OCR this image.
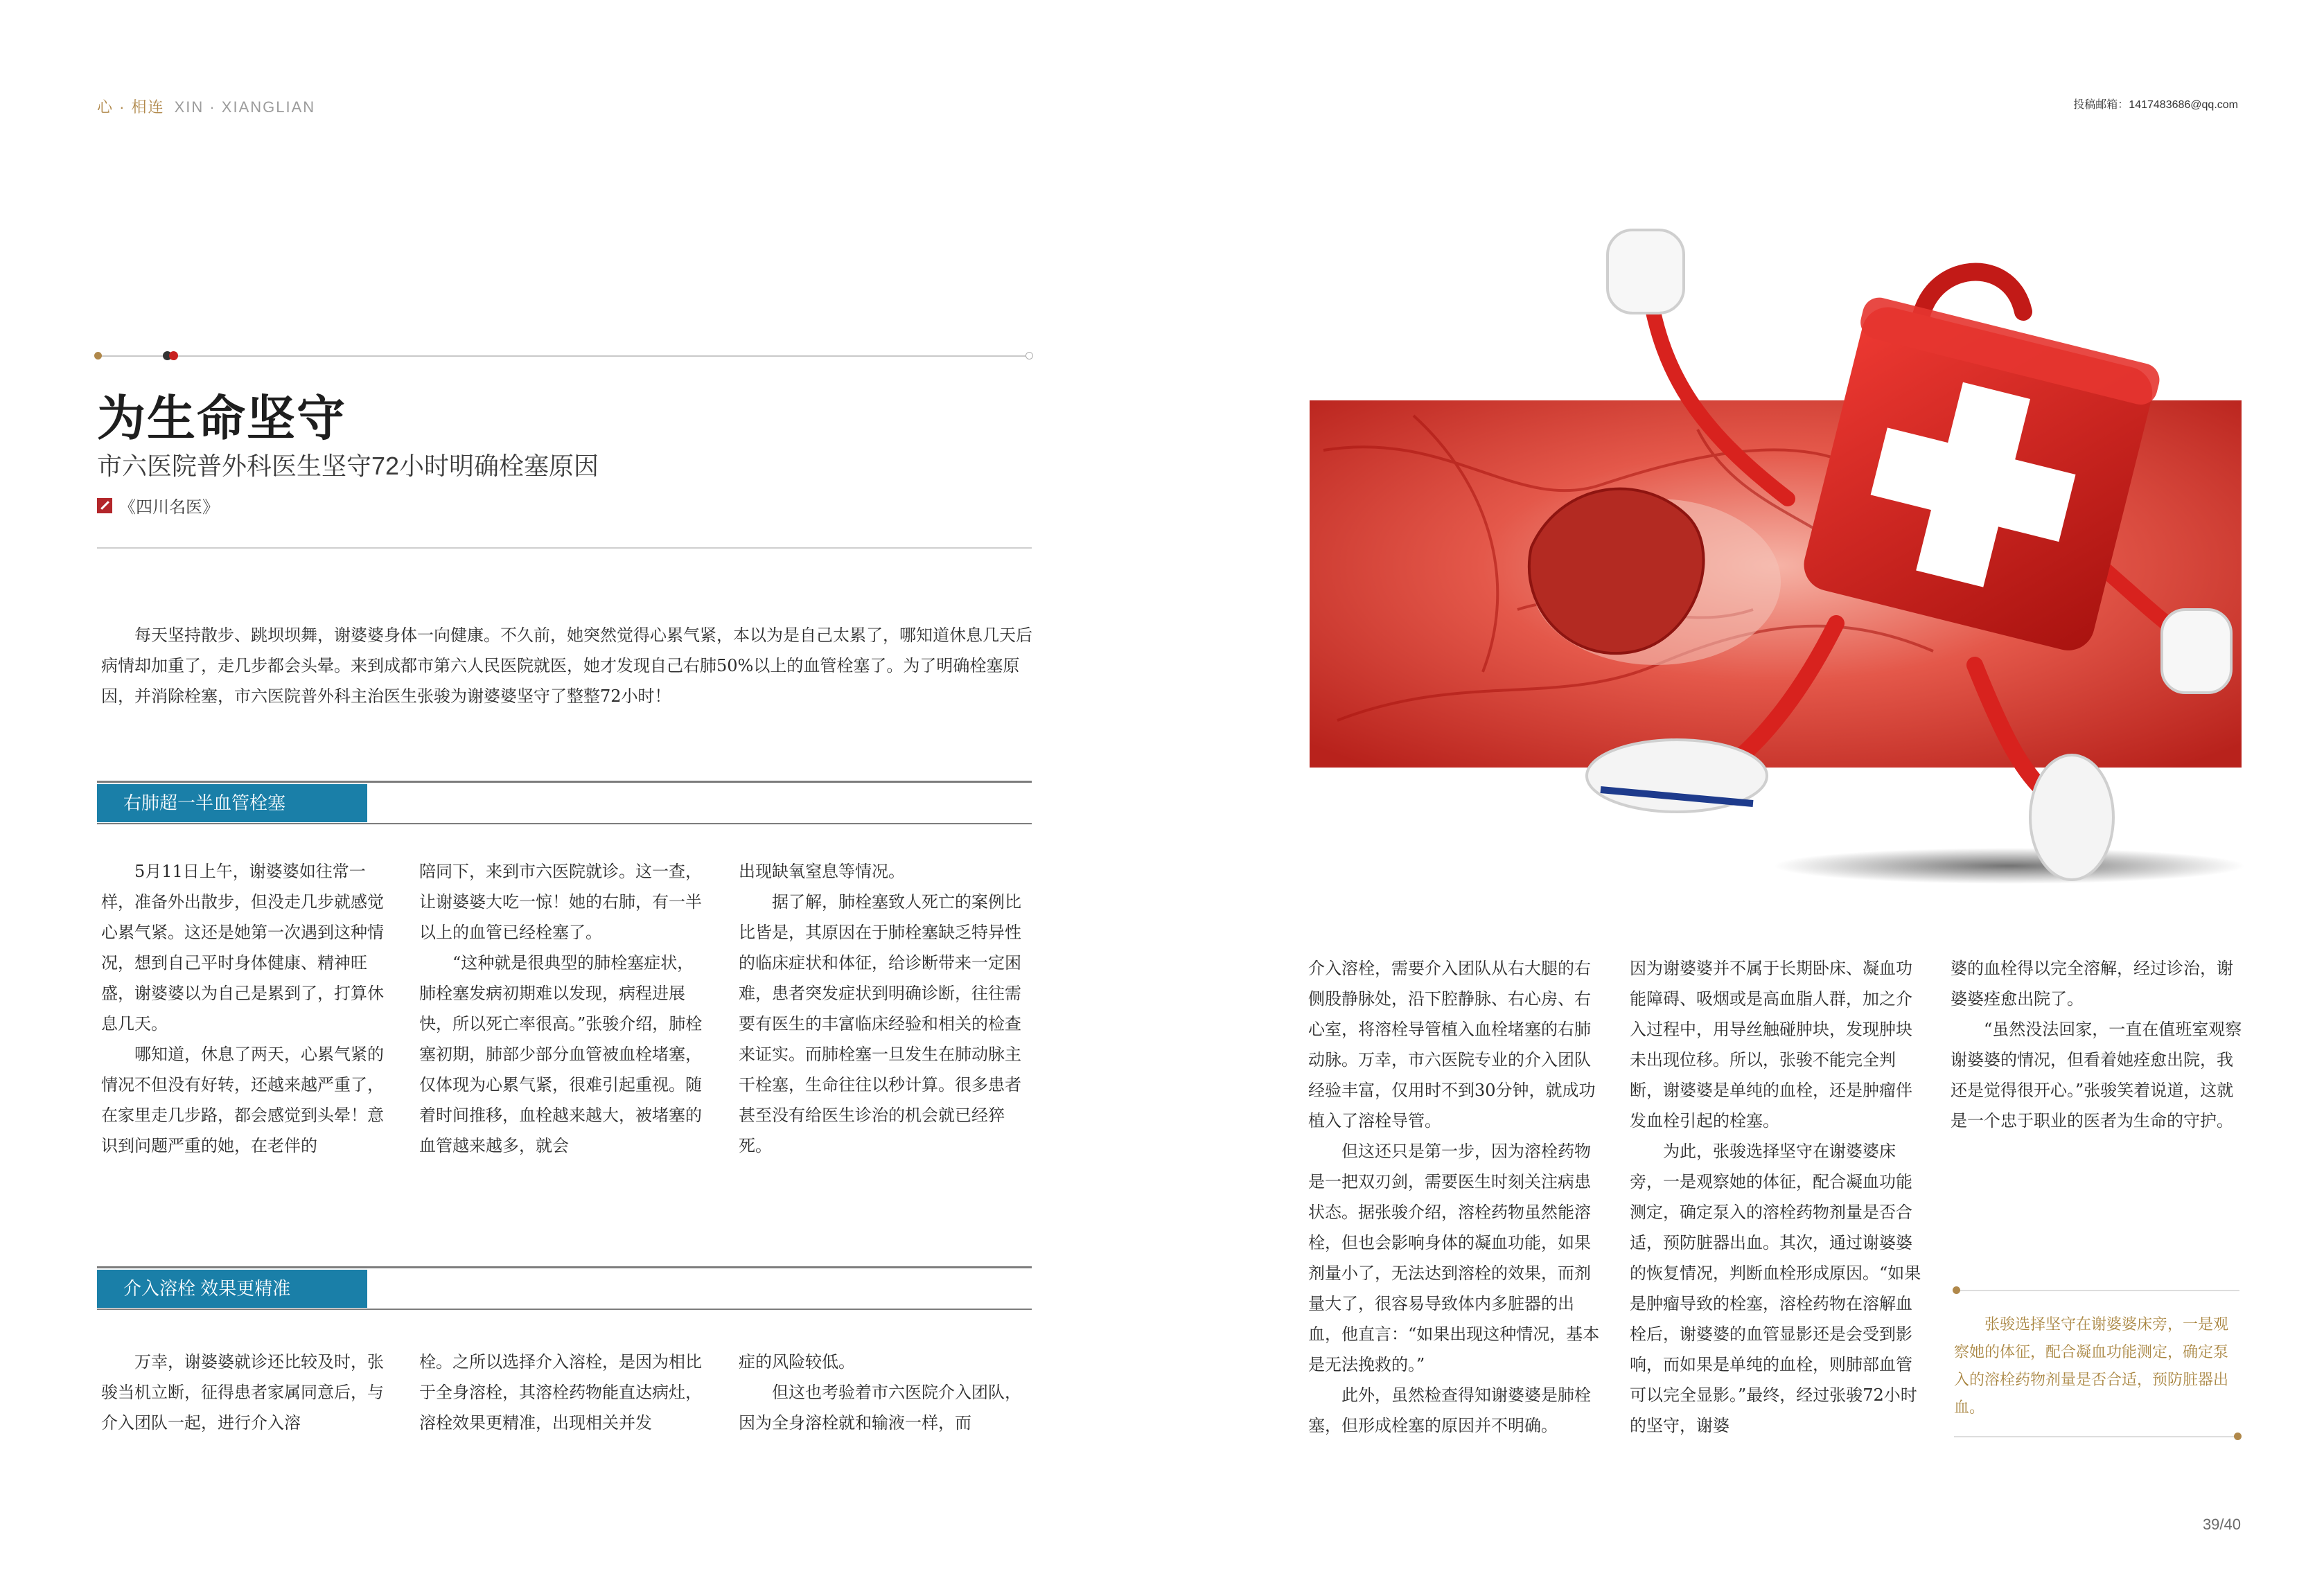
心 · 相连 XIN · XIANGLIAN	投稿邮箱：1417483686@qq.com
为生命坚守
市六医院普外科医生坚守72小时明确栓塞原因
《四川名医》
每天坚持散步、跳坝坝舞，谢婆婆身体一向健康。不久前，她突然觉得心累气紧，本以为是自己太累了，哪知道休息几天后病情却加重了，走几步都会头晕。来到成都市第六人民医院就医，她才发现自己右肺50%以上的血管栓塞了。为了明确栓塞原因，并消除栓塞，市六医院普外科主治医生张骏为谢婆婆坚守了整整72小时！
右肺超一半血管栓塞

5月11日上午，谢婆婆如往常一样，准备外出散步，但没走几步就感觉心累气紧。这还是她第一次遇到这种情况，想到自己平时身体健康、精神旺盛，谢婆婆以为自己是累到了，打算休息几天。

哪知道，休息了两天，心累气紧的情况不但没有好转，还越来越严重了，在家里走几步路，都会感觉到头晕！意识到问题严重的她，在老伴的

陪同下，来到市六医院就诊。这一查，让谢婆婆大吃一惊！她的右肺，有一半以上的血管已经栓塞了。

“这种就是很典型的肺栓塞症状，肺栓塞发病初期难以发现，病程进展快，所以死亡率很高。”张骏介绍，肺栓塞初期，肺部少部分血管被血栓堵塞，仅体现为心累气紧，很难引起重视。随着时间推移，血栓越来越大，被堵塞的血管越来越多，就会

出现缺氧窒息等情况。

据了解，肺栓塞致人死亡的案例比比皆是，其原因在于肺栓塞缺乏特异性的临床症状和体征，给诊断带来一定困难，患者突发症状到明确诊断，往往需要有医生的丰富临床经验和相关的检查来证实。而肺栓塞一旦发生在肺动脉主干栓塞，生命往往以秒计算。很多患者甚至没有给医生诊治的机会就已经猝死。

介入溶栓 效果更精准

万幸，谢婆婆就诊还比较及时，张骏当机立断，征得患者家属同意后，与介入团队一起，进行介入溶

栓。之所以选择介入溶栓，是因为相比于全身溶栓，其溶栓药物能直达病灶，溶栓效果更精准，出现相关并发

症的风险较低。

但这也考验着市六医院介入团队，因为全身溶栓就和输液一样，而

介入溶栓，需要介入团队从右大腿的右侧股静脉处，沿下腔静脉、右心房、右心室，将溶栓导管植入血栓堵塞的右肺动脉。万幸，市六医院专业的介入团队经验丰富，仅用时不到30分钟，就成功植入了溶栓导管。

但这还只是第一步，因为溶栓药物是一把双刃剑，需要医生时刻关注病患状态。据张骏介绍，溶栓药物虽然能溶栓，但也会影响身体的凝血功能，如果剂量小了，无法达到溶栓的效果，而剂量大了，很容易导致体内多脏器的出血，他直言：“如果出现这种情况，基本是无法挽救的。”

此外，虽然检查得知谢婆婆是肺栓塞，但形成栓塞的原因并不明确。

因为谢婆婆并不属于长期卧床、凝血功能障碍、吸烟或是高血脂人群，加之介入过程中，用导丝触碰肿块，发现肿块未出现位移。所以，张骏不能完全判断，谢婆婆是单纯的血栓，还是肿瘤伴发血栓引起的栓塞。

为此，张骏选择坚守在谢婆婆床旁，一是观察她的体征，配合凝血功能测定，确定泵入的溶栓药物剂量是否合适，预防脏器出血。其次，通过谢婆婆的恢复情况，判断血栓形成原因。“如果是肿瘤导致的栓塞，溶栓药物在溶解血栓后，谢婆婆的血管显影还是会受到影响，而如果是单纯的血栓，则肺部血管可以完全显影。”最终，经过张骏72小时的坚守，谢婆

婆的血栓得以完全溶解，经过诊治，谢婆婆痊愈出院了。

“虽然没法回家，一直在值班室观察谢婆婆的情况，但看着她痊愈出院，我还是觉得很开心。”张骏笑着说道，这就是一个忠于职业的医者为生命的守护。

张骏选择坚守在谢婆婆床旁，一是观察她的体征，配合凝血功能测定，确定泵入的溶栓药物剂量是否合适，预防脏器出血。
39/40
